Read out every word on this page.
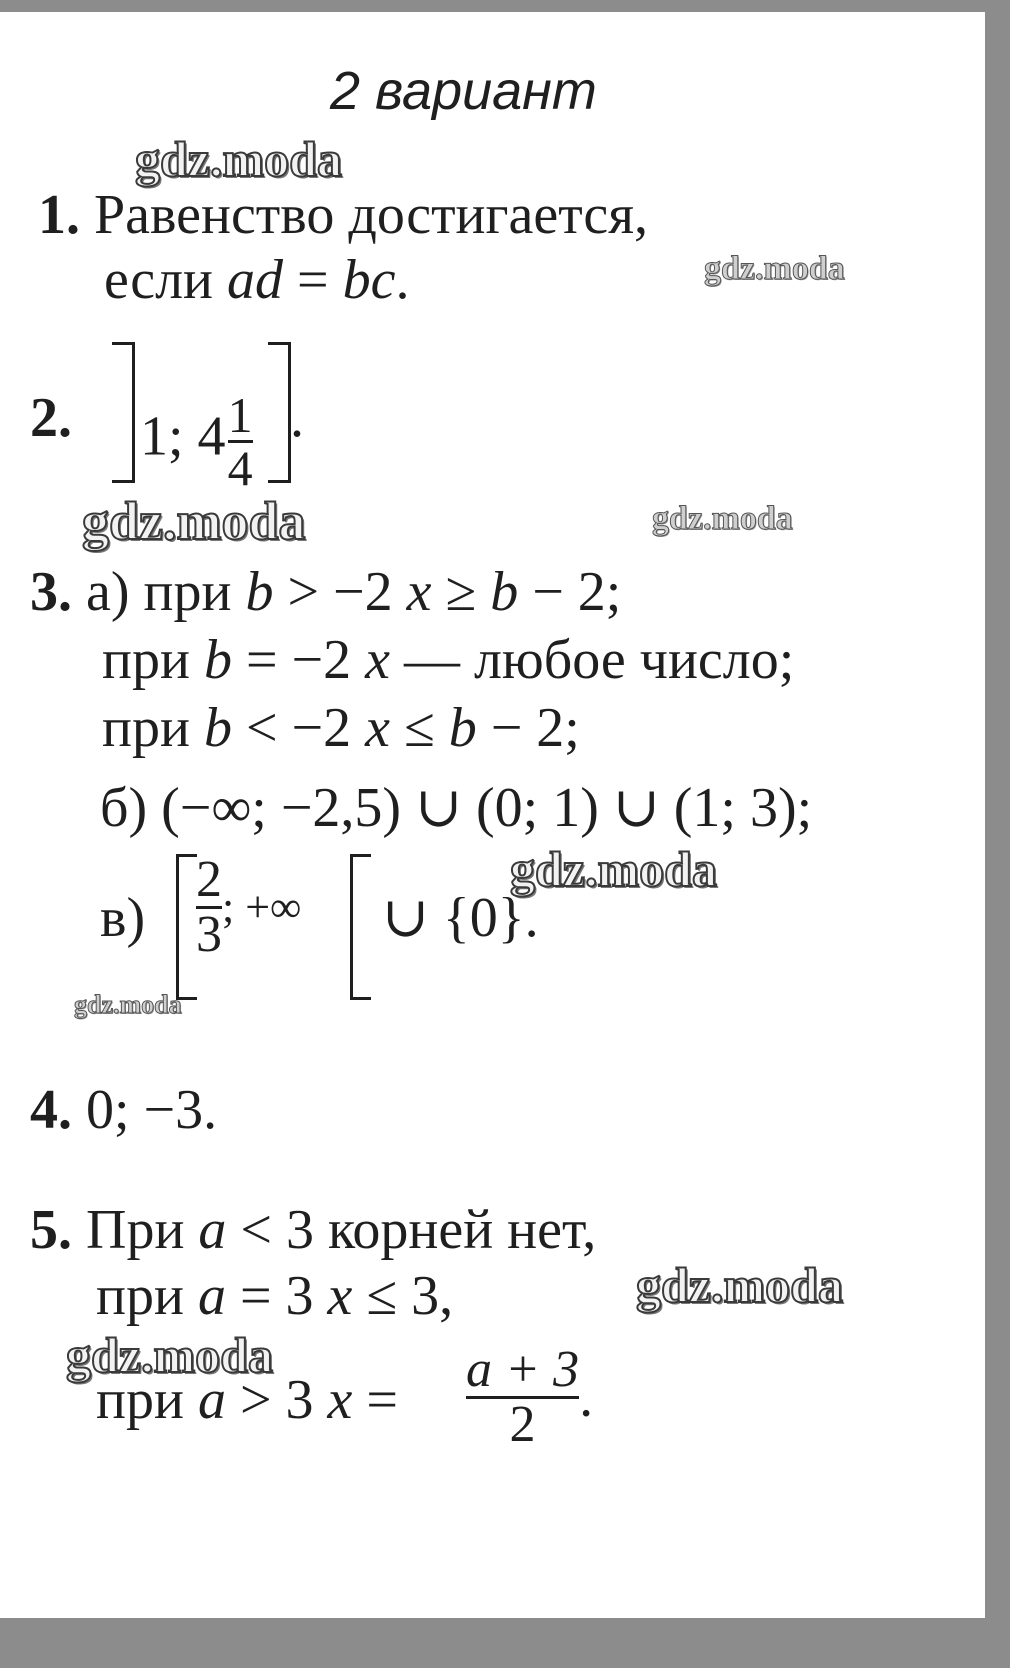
2 вариант
gdz.moda
gdz.moda
gdz.moda	gdz.moda
gdz.moda
gdz.moda
gdz.moda
gdz.moda
1. Равенство достигается,
если ad = bc.
2. 1; $4 \frac{1}{4}$ .
3. а) при b > −2 x ≥ b − 2;
при b = −2 x — любое число;
при b < −2 x ≤ b − 2;
б) (−∞; −2,5) ∪ (0; 1) ∪ (1; 3);
$в) \frac{2}{3}$ ; +∞ ∪ {0}.
4. 0; −3.
5. При a < 3 корней нет,
при a = 3 x ≤ 3,
при a > 3 $x = \frac{a + 3}{2}$ .
